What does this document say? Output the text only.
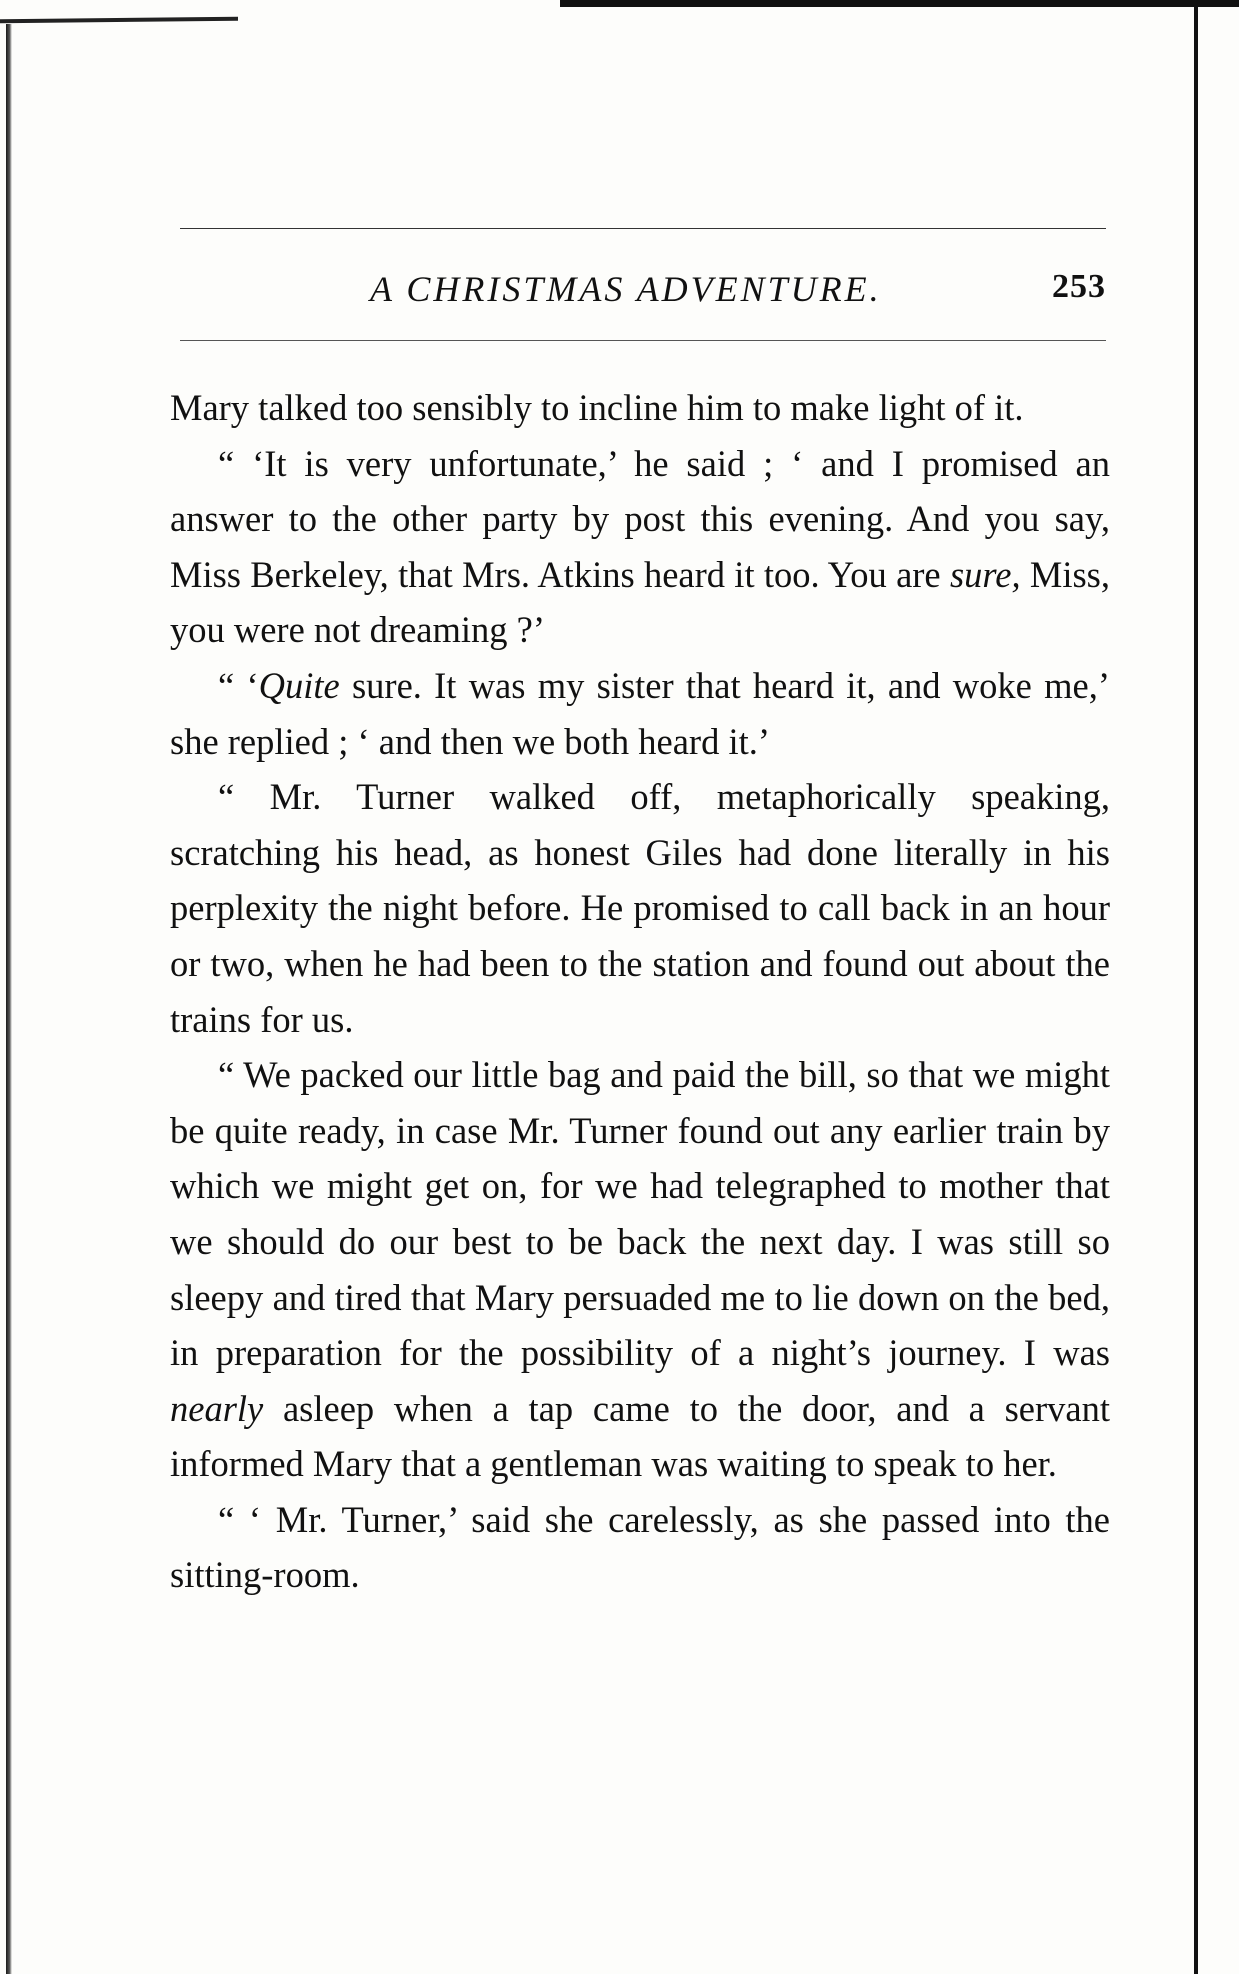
A CHRISTMAS ADVENTURE.	253

Mary talked too sensibly to incline him to make light of it.

“ ‘It is very unfortunate,’ he said ; ‘ and I promised an answer to the other party by post this evening. And you say, Miss Berkeley, that Mrs. Atkins heard it too. You are sure, Miss, you were not dreaming ?’

“ ‘Quite sure. It was my sister that heard it, and woke me,’ she replied ; ‘ and then we both heard it.’

“ Mr. Turner walked off, metaphorically speaking, scratching his head, as honest Giles had done literally in his perplexity the night before. He promised to call back in an hour or two, when he had been to the station and found out about the trains for us.

“ We packed our little bag and paid the bill, so that we might be quite ready, in case Mr. Turner found out any earlier train by which we might get on, for we had telegraphed to mother that we should do our best to be back the next day. I was still so sleepy and tired that Mary persuaded me to lie down on the bed, in preparation for the possibility of a night’s journey. I was nearly asleep when a tap came to the door, and a servant informed Mary that a gentleman was waiting to speak to her.

“ ‘ Mr. Turner,’ said she carelessly, as she passed into the sitting-room.
